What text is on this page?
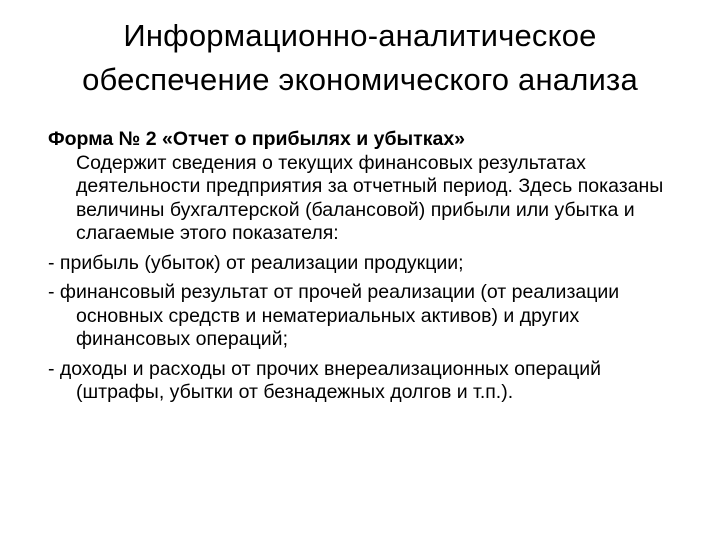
Информационно-аналитическое
обеспечение экономического анализа

Форма № 2 «Отчет о прибылях и убытках»
Содержит сведения о текущих финансовых результатах деятельности предприятия за отчетный период. Здесь показаны величины бухгалтерской (балансовой) прибыли или убытка и слагаемые этого показателя:

- прибыль (убыток) от реализации продукции;

- финансовый результат от прочей реализации (от реализации основных средств и нематериальных активов) и других финансовых операций;

- доходы и расходы от прочих внереализационных операций (штрафы, убытки от безнадежных долгов и т.п.).
